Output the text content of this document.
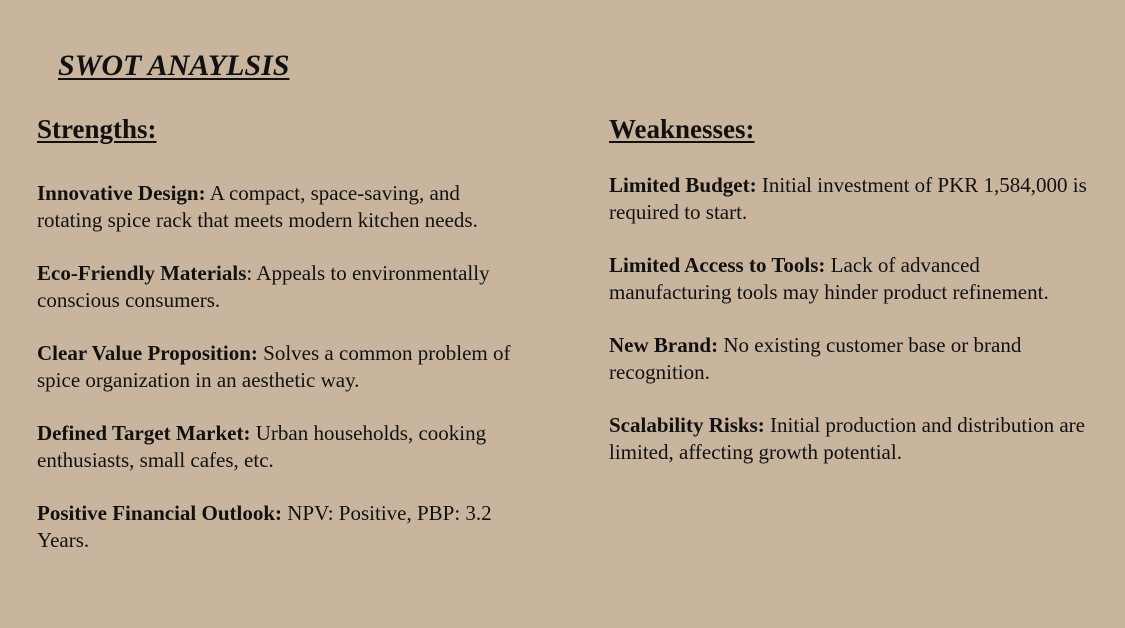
SWOT ANAYLSIS
Strengths:
Innovative Design: A compact, space-saving, and rotating spice rack that meets modern kitchen needs.
Eco-Friendly Materials: Appeals to environmentally conscious consumers.
Clear Value Proposition: Solves a common problem of spice organization in an aesthetic way.
Defined Target Market: Urban households, cooking enthusiasts, small cafes, etc.
Positive Financial Outlook: NPV: Positive, PBP: 3.2 Years.
Weaknesses:
Limited Budget: Initial investment of PKR 1,584,000 is required to start.
Limited Access to Tools: Lack of advanced manufacturing tools may hinder product refinement.
New Brand: No existing customer base or brand recognition.
Scalability Risks: Initial production and distribution are limited, affecting growth potential.
